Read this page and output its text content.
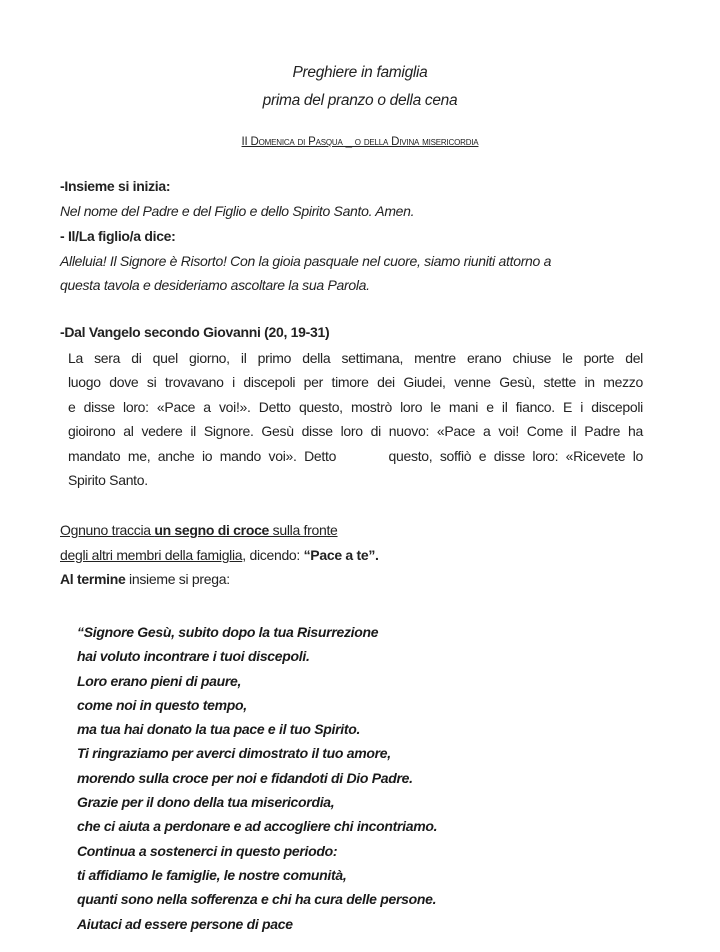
Preghiere in famiglia
prima del pranzo o della cena
II Domenica di Pasqua _ o della Divina misericordia
-Insieme si inizia:
Nel nome del Padre e del Figlio e dello Spirito Santo. Amen.
- Il/La figlio/a dice:
Alleluia! Il Signore è Risorto! Con la gioia pasquale nel cuore, siamo riuniti attorno a
questa tavola e desideriamo ascoltare la sua Parola.
-Dal Vangelo secondo Giovanni (20, 19-31)
La sera di quel giorno, il primo della settimana, mentre erano chiuse le porte del
luogo dove si trovavano i discepoli per timore dei Giudei, venne Gesù, stette in mezzo
e disse loro: «Pace a voi!». Detto questo, mostrò loro le mani e il fianco. E i discepoli
gioirono al vedere il Signore. Gesù disse loro di nuovo: «Pace a voi! Come il Padre ha
mandato me, anche io mando voi». Detto       questo, soffiò e disse loro: «Ricevete lo
Spirito Santo.
Ognuno traccia un segno di croce sulla fronte
degli altri membri della famiglia, dicendo: “Pace a te”.
Al termine insieme si prega:
“Signore Gesù, subito dopo la tua Risurrezione
hai voluto incontrare i tuoi discepoli.
Loro erano pieni di paure,
come noi in questo tempo,
ma tua hai donato la tua pace e il tuo Spirito.
Ti ringraziamo per averci dimostrato il tuo amore,
morendo sulla croce per noi e fidandoti di Dio Padre.
Grazie per il dono della tua misericordia,
che ci aiuta a perdonare e ad accogliere chi incontriamo.
Continua a sostenerci in questo periodo:
ti affidiamo le famiglie, le nostre comunità,
quanti sono nella sofferenza e chi ha cura delle persone.
Aiutaci ad essere persone di pace
